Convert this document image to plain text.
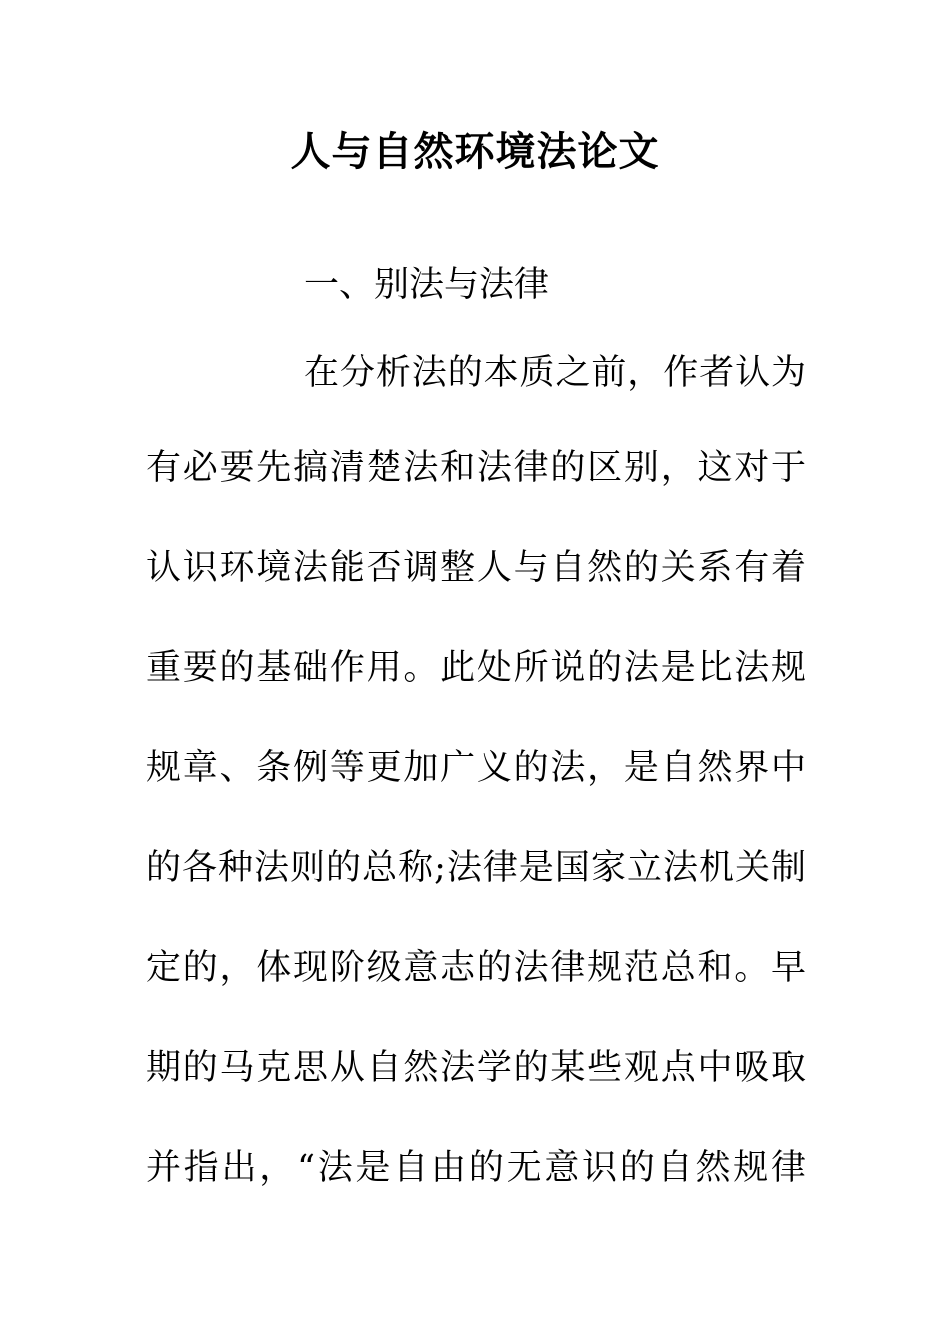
人与自然环境法论文
一、别法与法律
在分析法的本质之前，作者认为
有必要先搞清楚法和法律的区别，这对于
认识环境法能否调整人与自然的关系有着
重要的基础作用。此处所说的法是比法规
规章、条例等更加广义的法，是自然界中
的各种法则的总称;法律是国家立法机关制
定的，体现阶级意志的法律规范总和。早
期的马克思从自然法学的某些观点中吸取
并指出，“法是自由的无意识的自然规律
